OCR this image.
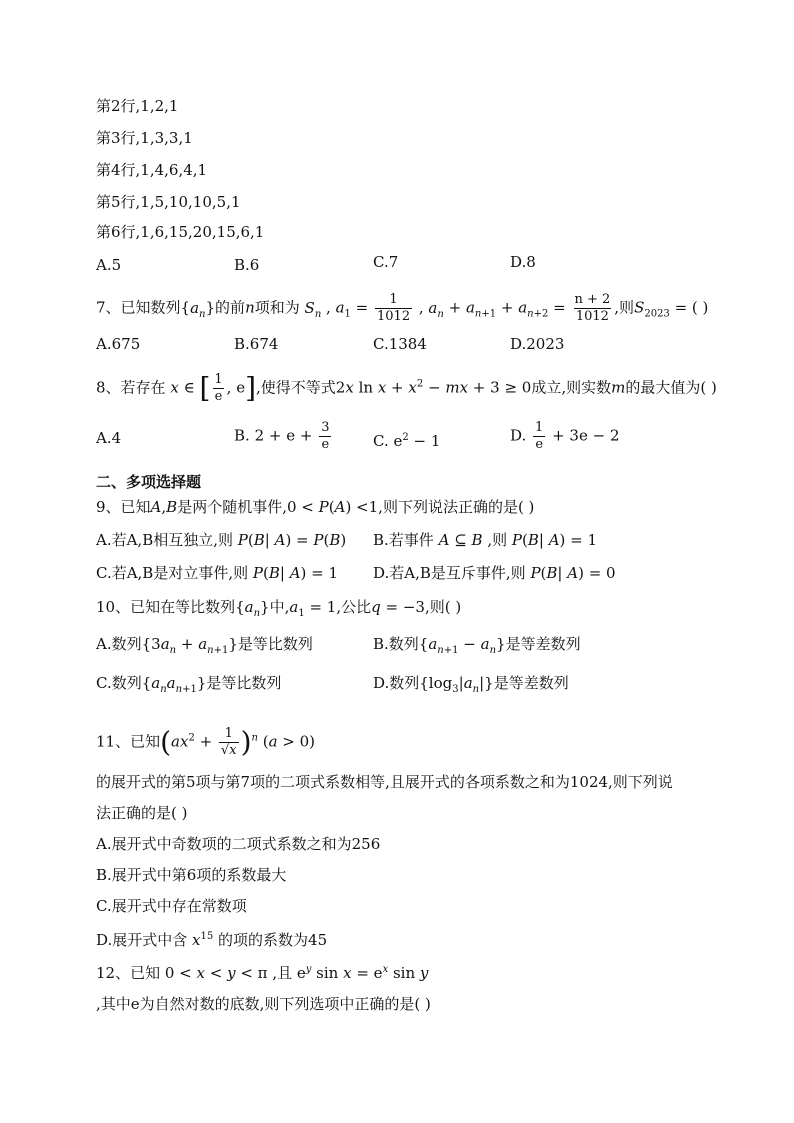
第2行,1,2,1
第3行,1,3,3,1
第4行,1,4,6,4,1
第5行,1,5,10,10,5,1
第6行,1,6,15,20,15,6,1
A.5	B.6	C.7	D.8
7、已知数列$\{a_n\}$的前n项和为 $S_n$ , $a_1 = \frac{1}{1012}$ , $a_n + a_{n+1} + a_{n+2} = \frac{n + 2}{1012}$ ,则$S_{2023}$ = ( )
A.675	B.674	C.1384	D.2023
8、若存在 x ∈ [ $\frac{1}{e}$ , e],使得不等式2x $\ln x + x^2$ − mx + 3 ≥ 0成立,则实数m的最大值为( )
A.4	B. $2 + e + \frac{3}{e}$	C. $e^2 - 1$	D. $\frac{1}{e} + 3e - 2$
二、多项选择题
9、已知A,B是两个随机事件,0 < P(A) <1,则下列说法正确的是( )
A.若A,B相互独立,则 P(B| A) = P(B) B.若事件 A ⊆ B ,则 P(B| A) = 1
C.若A,B是对立事件,则 P(B| A) = 1 D.若A,B是互斥事件,则 P(B| A) = 0
10、已知在等比数列$\{a_n\}$中$,a_1 = 1$,公比q = −3,则( )
A.数列$\{3a_n + a_{n+1}\}$是等比数列	B.数列$\{a_{n+1} - a_n\}$是等差数列
C.数列$\{a_na_{n+1}\}$是等比数列	D.数列$\{\log_3|a_n|\}$是等差数列
11、已知$(ax^2 + \frac{1}{√x} )^n$ (a > 0)
的展开式的第5项与第7项的二项式系数相等,且展开式的各项系数之和为1024,则下列说
法正确的是( )
A.展开式中奇数项的二项式系数之和为256
B.展开式中第6项的系数最大
C.展开式中存在常数项
D.展开式中含 $x^{15}$ 的项的系数为45
12、已知 0 < x < y < π ,且 $e^y$ $\sin x = e^x$ sin y
,其中e为自然对数的底数,则下列选项中正确的是( )
